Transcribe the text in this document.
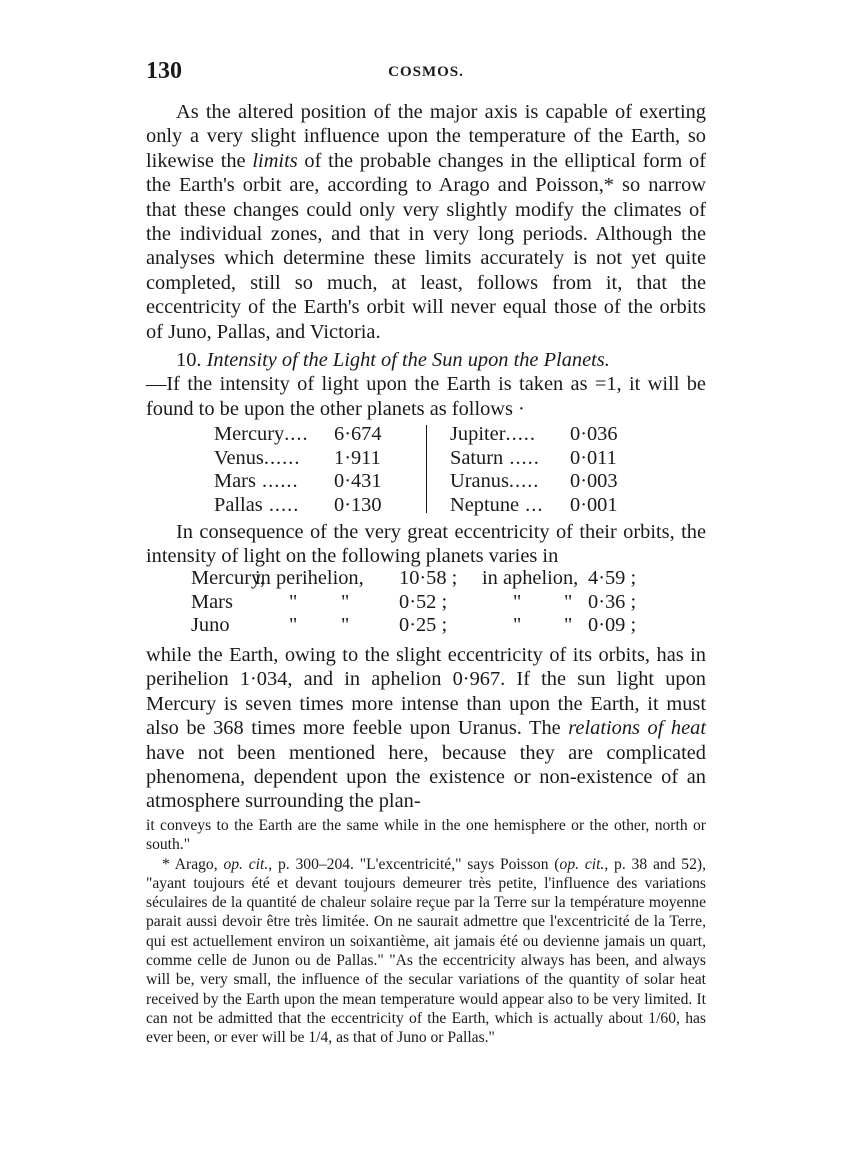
130	COSMOS.

As the altered position of the major axis is capable of exerting only a very slight influence upon the temperature of the Earth, so likewise the limits of the probable changes in the elliptical form of the Earth's orbit are, according to Arago and Poisson,* so narrow that these changes could only very slightly modify the climates of the individual zones, and that in very long periods. Although the analyses which determine these limits accurately is not yet quite completed, still so much, at least, follows from it, that the eccentricity of the Earth's orbit will never equal those of the orbits of Juno, Pallas, and Victoria.

10. Intensity of the Light of the Sun upon the Planets.
—If the intensity of light upon the Earth is taken as =1, it will be found to be upon the other planets as follows ·

Mercury....	6·674
Venus......	1·911
Mars ......	0·431
Pallas .....	0·130
Jupiter.....	0·036
Saturn .....	0·011
Uranus.....	0·003
Neptune ...	0·001

In consequence of the very great eccentricity of their orbits, the intensity of light on the following planets varies in

Mercury,
in perihelion, 10·58 ; in aphelion, 4·59 ;
Mars	" " 0·52 ;	" " 0·36 ;
Juno	" " 0·25 ;	" " 0·09 ;

while the Earth, owing to the slight eccentricity of its orbits, has in perihelion 1·034, and in aphelion 0·967. If the sun light upon Mercury is seven times more intense than upon the Earth, it must also be 368 times more feeble upon Uranus. The relations of heat have not been mentioned here, because they are complicated phenomena, dependent upon the existence or non-existence of an atmosphere surrounding the plan-

it conveys to the Earth are the same while in the one hemisphere or the other, north or south."

* Arago, op. cit., p. 300–204. "L'excentricité," says Poisson (op. cit., p. 38 and 52), "ayant toujours été et devant toujours demeurer très petite, l'influence des variations séculaires de la quantité de chaleur solaire reçue par la Terre sur la température moyenne parait aussi devoir être très limitée. On ne saurait admettre que l'excentricité de la Terre, qui est actuellement environ un soixantième, ait jamais été ou devienne jamais un quart, comme celle de Junon ou de Pallas." "As the eccentricity always has been, and always will be, very small, the influence of the secular variations of the quantity of solar heat received by the Earth upon the mean temperature would appear also to be very limited. It can not be admitted that the eccentricity of the Earth, which is actually about 1/60, has ever been, or ever will be 1/4, as that of Juno or Pallas."
